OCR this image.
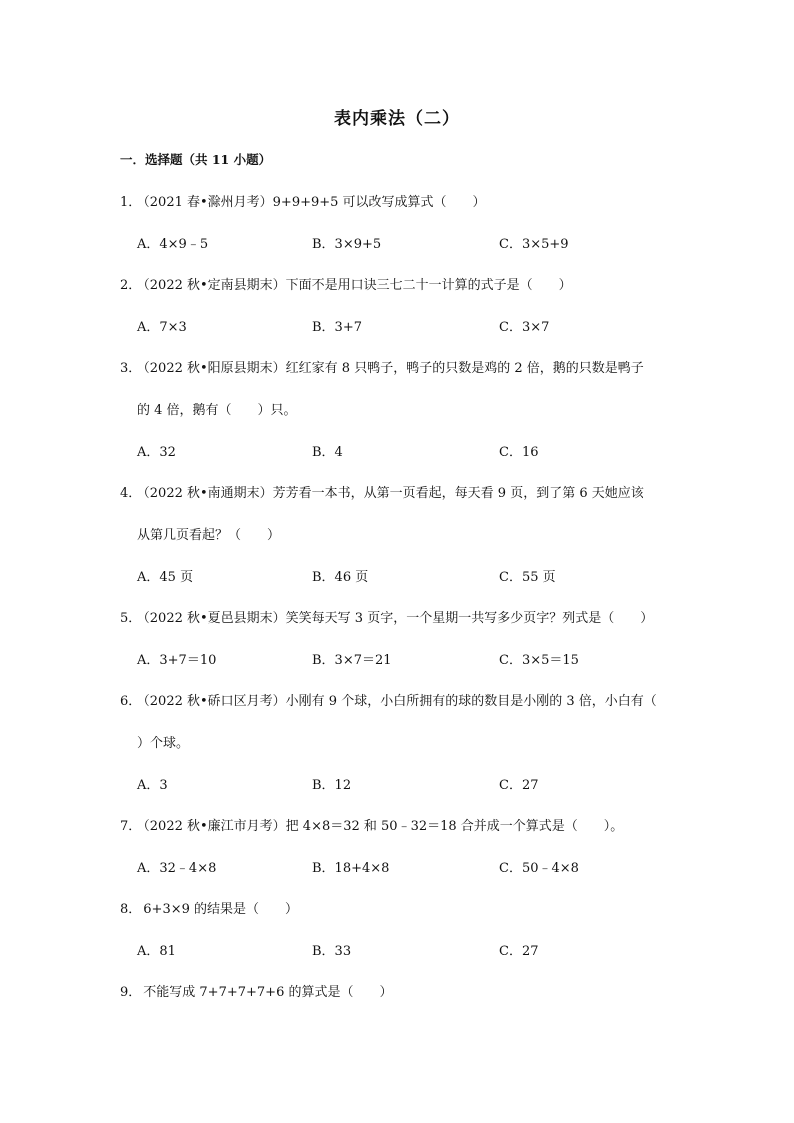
表内乘法（二）
一．选择题（共 11 小题）
1． （2021 春•滁州月考）9+9+9+5 可以改写成算式（　　）
A．4×9﹣5	B．3×9+5	C．3×5+9
2． （2022 秋•定南县期末）下面不是用口诀三七二十一计算的式子是（　　）
A．7×3	B．3+7	C．3×7
3． （2022 秋•阳原县期末）红红家有 8 只鸭子，鸭子的只数是鸡的 2 倍，鹅的只数是鸭子
的 4 倍，鹅有（　　）只。
A．32	B．4	C．16
4． （2022 秋•南通期末）芳芳看一本书，从第一页看起，每天看 9 页，到了第 6 天她应该
从第几页看起？（　　）
A．45 页	B．46 页	C．55 页
5． （2022 秋•夏邑县期末）笑笑每天写 3 页字，一个星期一共写多少页字？列式是（　　）
A．3+7＝10	B．3×7＝21	C．3×5＝15
6． （2022 秋•硚口区月考）小刚有 9 个球，小白所拥有的球的数目是小刚的 3 倍，小白有（
）个球。
A．3	B．12	C．27
7． （2022 秋•廉江市月考）把 4×8＝32 和 50﹣32＝18 合并成一个算式是（　　）。
A．32﹣4×8	B．18+4×8	C．50﹣4×8
8． 6+3×9 的结果是（　　）
A．81	B．33	C．27
9． 不能写成 7+7+7+7+6 的算式是（　　）
